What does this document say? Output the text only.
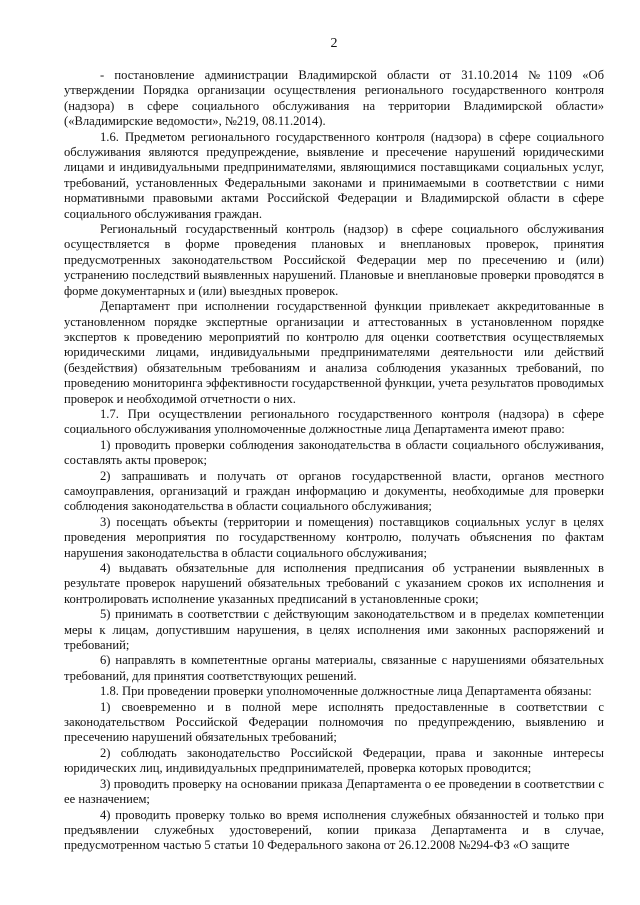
2

- постановление администрации Владимирской области от 31.10.2014 №1109 «Об утверждении Порядка организации осуществления регионального государственного контроля (надзора) в сфере социального обслуживания на территории Владимирской области» («Владимирские ведомости», №219, 08.11.2014).

1.6. Предметом регионального государственного контроля (надзора) в сфере социального обслуживания являются предупреждение, выявление и пресечение нарушений юридическими лицами и индивидуальными предпринимателями, являющимися поставщиками социальных услуг, требований, установленных Федеральными законами и принимаемыми в соответствии с ними нормативными правовыми актами Российской Федерации и Владимирской области в сфере социального обслуживания граждан.

Региональный государственный контроль (надзор) в сфере социального обслуживания осуществляется в форме проведения плановых и внеплановых проверок, принятия предусмотренных законодательством Российской Федерации мер по пресечению и (или) устранению последствий выявленных нарушений. Плановые и внеплановые проверки проводятся в форме документарных и (или) выездных проверок.

Департамент при исполнении государственной функции привлекает аккредитованные в установленном порядке экспертные организации и аттестованных в установленном порядке экспертов к проведению мероприятий по контролю для оценки соответствия осуществляемых юридическими лицами, индивидуальными предпринимателями деятельности или действий (бездействия) обязательным требованиям и анализа соблюдения указанных требований, по проведению мониторинга эффективности государственной функции, учета результатов проводимых проверок и необходимой отчетности о них.

1.7. При осуществлении регионального государственного контроля (надзора) в сфере социального обслуживания уполномоченные должностные лица Департамента имеют право:

1) проводить проверки соблюдения законодательства в области социального обслуживания, составлять акты проверок;

2) запрашивать и получать от органов государственной власти, органов местного самоуправления, организаций и граждан информацию и документы, необходимые для проверки соблюдения законодательства в области социального обслуживания;

3) посещать объекты (территории и помещения) поставщиков социальных услуг в целях проведения мероприятия по государственному контролю, получать объяснения по фактам нарушения законодательства в области социального обслуживания;

4) выдавать обязательные для исполнения предписания об устранении выявленных в результате проверок нарушений обязательных требований с указанием сроков их исполнения и контролировать исполнение указанных предписаний в установленные сроки;

5) принимать в соответствии с действующим законодательством и в пределах компетенции меры к лицам, допустившим нарушения, в целях исполнения ими законных распоряжений и требований;

6) направлять в компетентные органы материалы, связанные с нарушениями обязательных требований, для принятия соответствующих решений.

1.8. При проведении проверки уполномоченные должностные лица Департамента обязаны:

1) своевременно и в полной мере исполнять предоставленные в соответствии с законодательством Российской Федерации полномочия по предупреждению, выявлению и пресечению нарушений обязательных требований;

2) соблюдать законодательство Российской Федерации, права и законные интересы юридических лиц, индивидуальных предпринимателей, проверка которых проводится;

3) проводить проверку на основании приказа Департамента о ее проведении в соответствии с ее назначением;

4) проводить проверку только во время исполнения служебных обязанностей и только при предъявлении служебных удостоверений, копии приказа Департамента и в случае, предусмотренном частью 5 статьи 10 Федерального закона от 26.12.2008 №294-ФЗ «О защите
